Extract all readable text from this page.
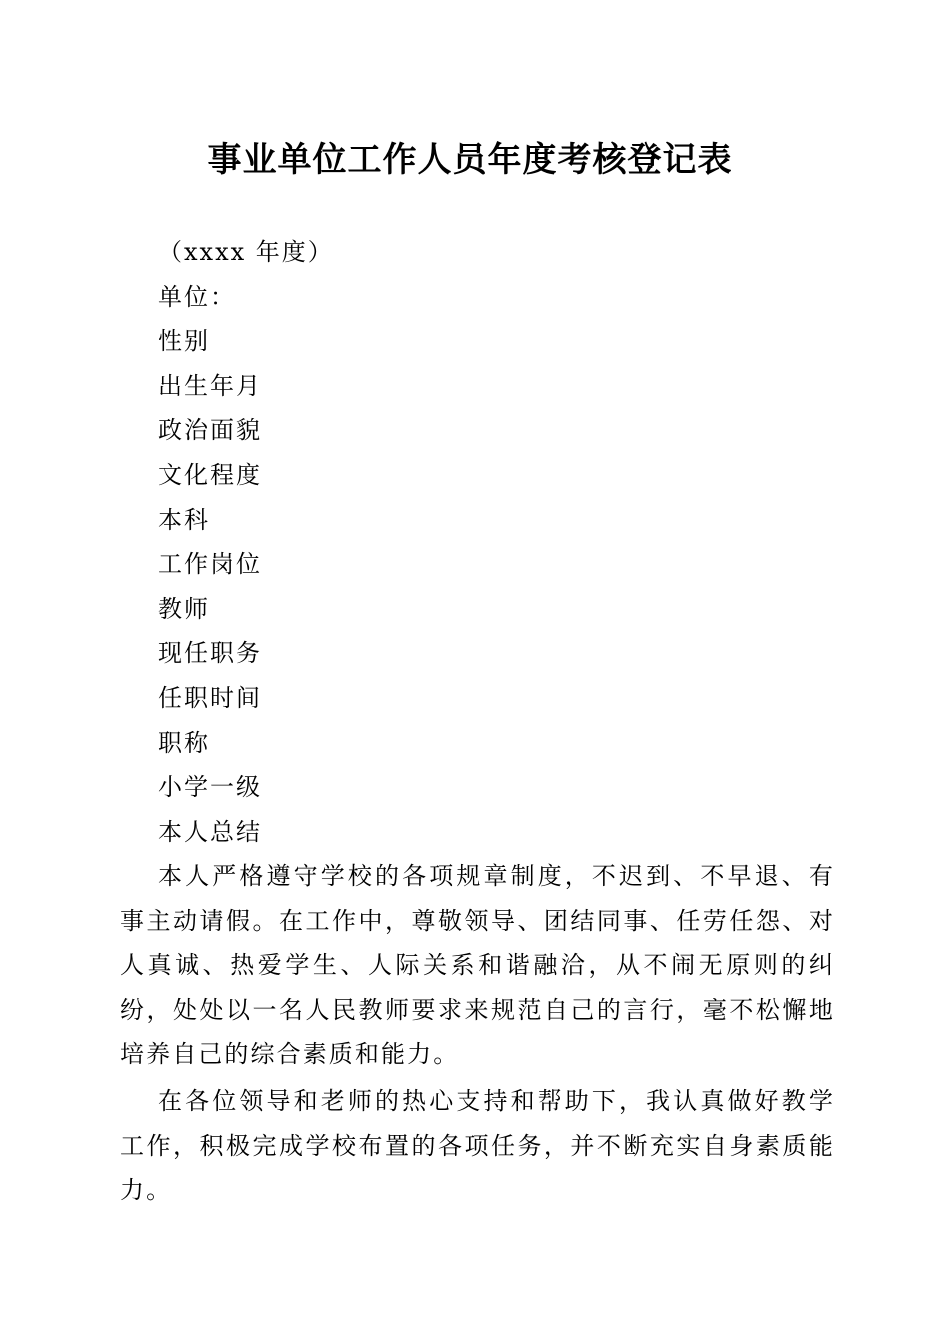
事业单位工作人员年度考核登记表
（xxxx 年度）
单位：
性别
出生年月
政治面貌
文化程度
本科
工作岗位
教师
现任职务
任职时间
职称
小学一级
本人总结

本人严格遵守学校的各项规章制度，不迟到、不早退、有事主动请假。在工作中，尊敬领导、团结同事、任劳任怨、对人真诚、热爱学生、人际关系和谐融洽，从不闹无原则的纠纷，处处以一名人民教师要求来规范自己的言行，毫不松懈地培养自己的综合素质和能力。

在各位领导和老师的热心支持和帮助下，我认真做好教学工作，积极完成学校布置的各项任务，并不断充实自身素质能力。
